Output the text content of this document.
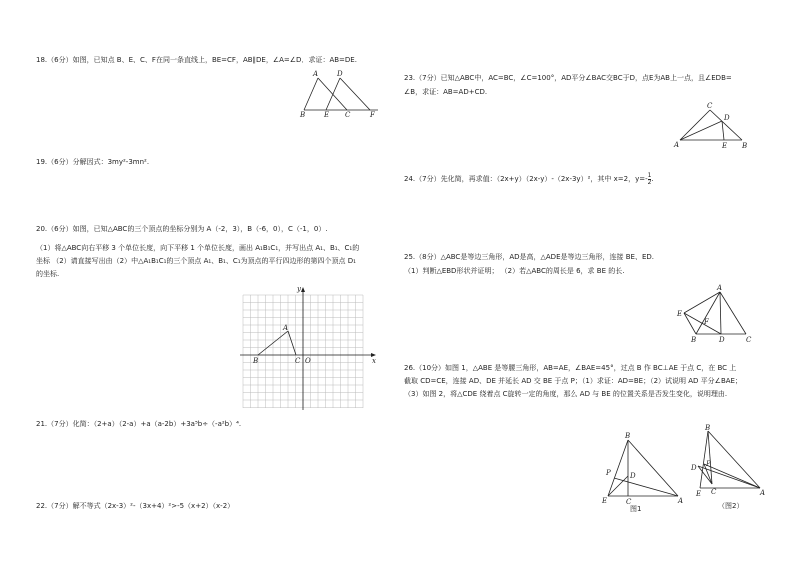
18.（6分）如图，已知点 B、E、C、F在同一条直线上，BE=CF，AB∥DE，∠A=∠D．求证：AB=DE.
A	D
B	E C	F
19.（6分）分解因式：3my²-3mn².
20.（6分）如图，已知△ABC的三个顶点的坐标分别为 A（-2，3），B（-6，0），C（-1，0）.
（1）将△ABC向右平移 3 个单位长度，向下平移 1 个单位长度，画出 A₁B₁C₁，并写出点 A₁、B₁、C₁的
坐标 （2）请直接写出由（2）中△A₁B₁C₁的三个顶点 A₁、B₁、C₁为顶点的平行四边形的第四个顶点 D₁
的坐标.
y
x
A
B	C O
21.（7分）化简：（2+a）（2-a）+a（a-2b）+3a⁵b÷（-a²b）⁴.
22.（7分）解不等式（2x-3）²-（3x+4）²>-5（x+2）（x-2）
23.（7分）已知△ABC中，AC=BC，∠C=100°，AD平分∠BAC交BC于D，点E为AB上一点，且∠EDB=
∠B，求证：AB=AD+CD.
C
D
A	E B
24.（7分）先化简，再求值：（2x+y）（2x-y）-（2x-3y）²，其中 x=2，$y=- \frac{1}{2}$ .
25.（8分）△ABC是等边三角形，AD是高，△ADE是等边三角形，连接 BE、ED.
（1）判断△EBD形状并证明； （2）若△ABC的周长是 6，求 BE 的长.
A
E
F
B	D	C
26.（10分）如图 1，△ABE 是等腰三角形，AB=AE，∠BAE=45°，过点 B 作 BC⊥AE 于点 C，在 BC 上
截取 CD=CE，连接 AD、DE 并延长 AD 交 BE 于点 P；（1）求证：AD=BE；（2）试说明 AD 平分∠BAE；
（3）如图 2，将△CDE 绕着点 C旋转一定的角度，那么 AD 与 BE 的位置关系是否发生变化，说明理由.
B
P	D
E	C	A
图1
B
D P
E C	A
（图2）
